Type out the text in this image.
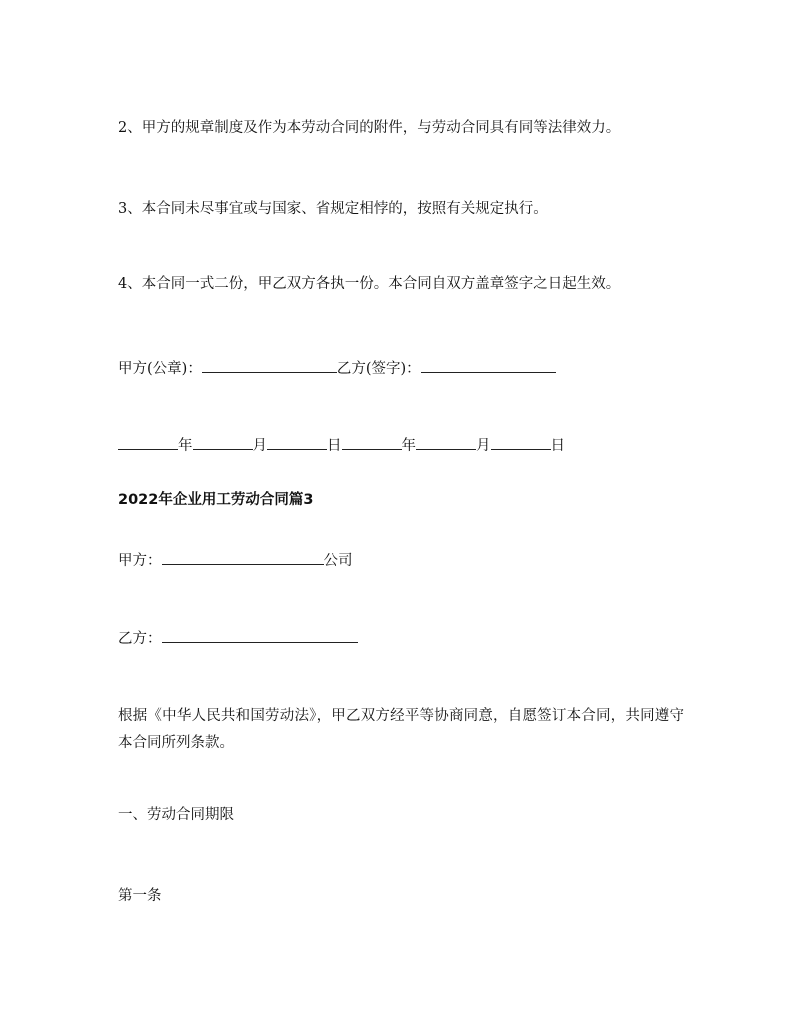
2、甲方的规章制度及作为本劳动合同的附件，与劳动合同具有同等法律效力。
3、本合同未尽事宜或与国家、省规定相悖的，按照有关规定执行。
4、本合同一式二份，甲乙双方各执一份。本合同自双方盖章签字之日起生效。
甲方(公章)：	乙方(签字)：
年	月	日	年	月	日
2022年企业用工劳动合同篇3
甲方：	公司
乙方：
根据《中华人民共和国劳动法》，甲乙双方经平等协商同意，自愿签订本合同，共同遵守本合同所列条款。
一、劳动合同期限
第一条
